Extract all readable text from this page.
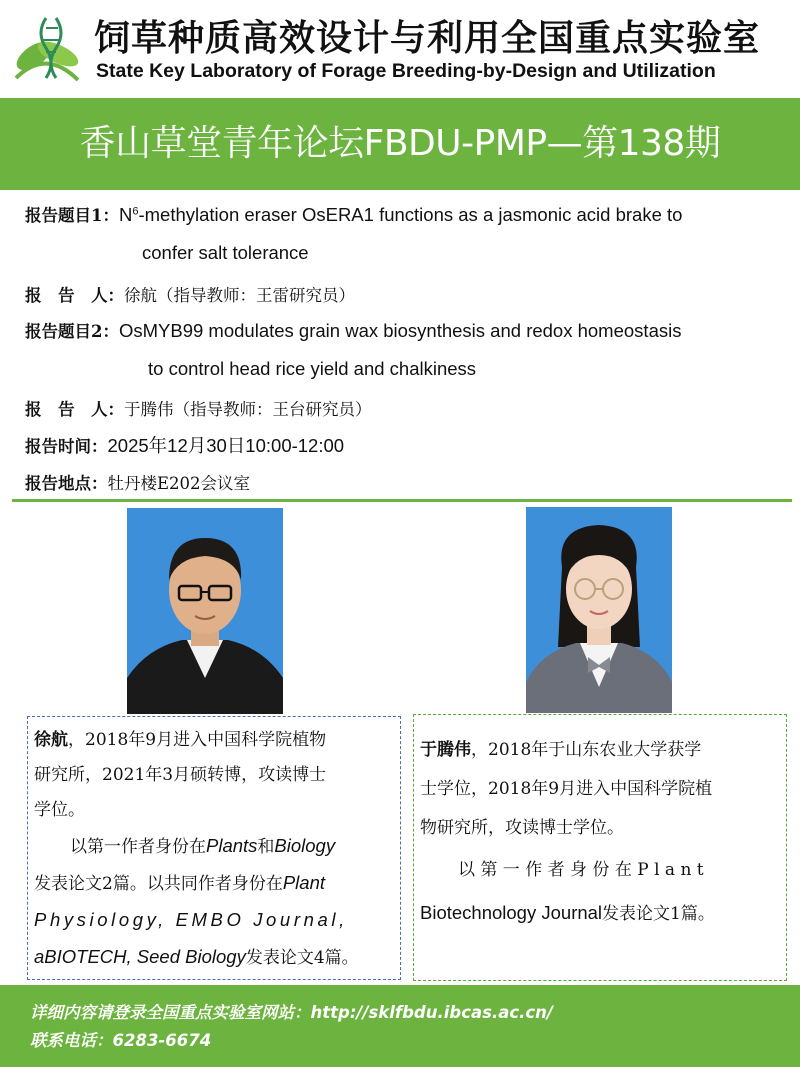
饲草种质高效设计与利用全国重点实验室
State Key Laboratory of Forage Breeding-by-Design and Utilization
香山草堂青年论坛FBDU-PMP—第138期
报告题目1：$N^6$-methylation eraser OsERA1 functions as a jasmonic acid brake to
confer salt tolerance
报　告　人：徐航（指导教师：王雷研究员）
报告题目2：OsMYB99 modulates grain wax biosynthesis and redox homeostasis
to control head rice yield and chalkiness
报　告　人：于腾伟（指导教师：王台研究员）
报告时间：2025年12月30日10:00-12:00
报告地点：牡丹楼E202会议室

徐航，2018年9月进入中国科学院植物

研究所，2021年3月硕转博，攻读博士

学位。

以第一作者身份在Plants和Biology

发表论文2篇。以共同作者身份在Plant

Physiology, EMBO Journal,

aBIOTECH, Seed Biology发表论文4篇。

于腾伟，2018年于山东农业大学获学

士学位，2018年9月进入中国科学院植

物研究所，攻读博士学位。

以 第 一 作 者 身 份 在 P l a n t

Biotechnology Journal发表论文1篇。

详细内容请登录全国重点实验室网站：http://sklfbdu.ibcas.ac.cn/
联系电话：6283-6674
